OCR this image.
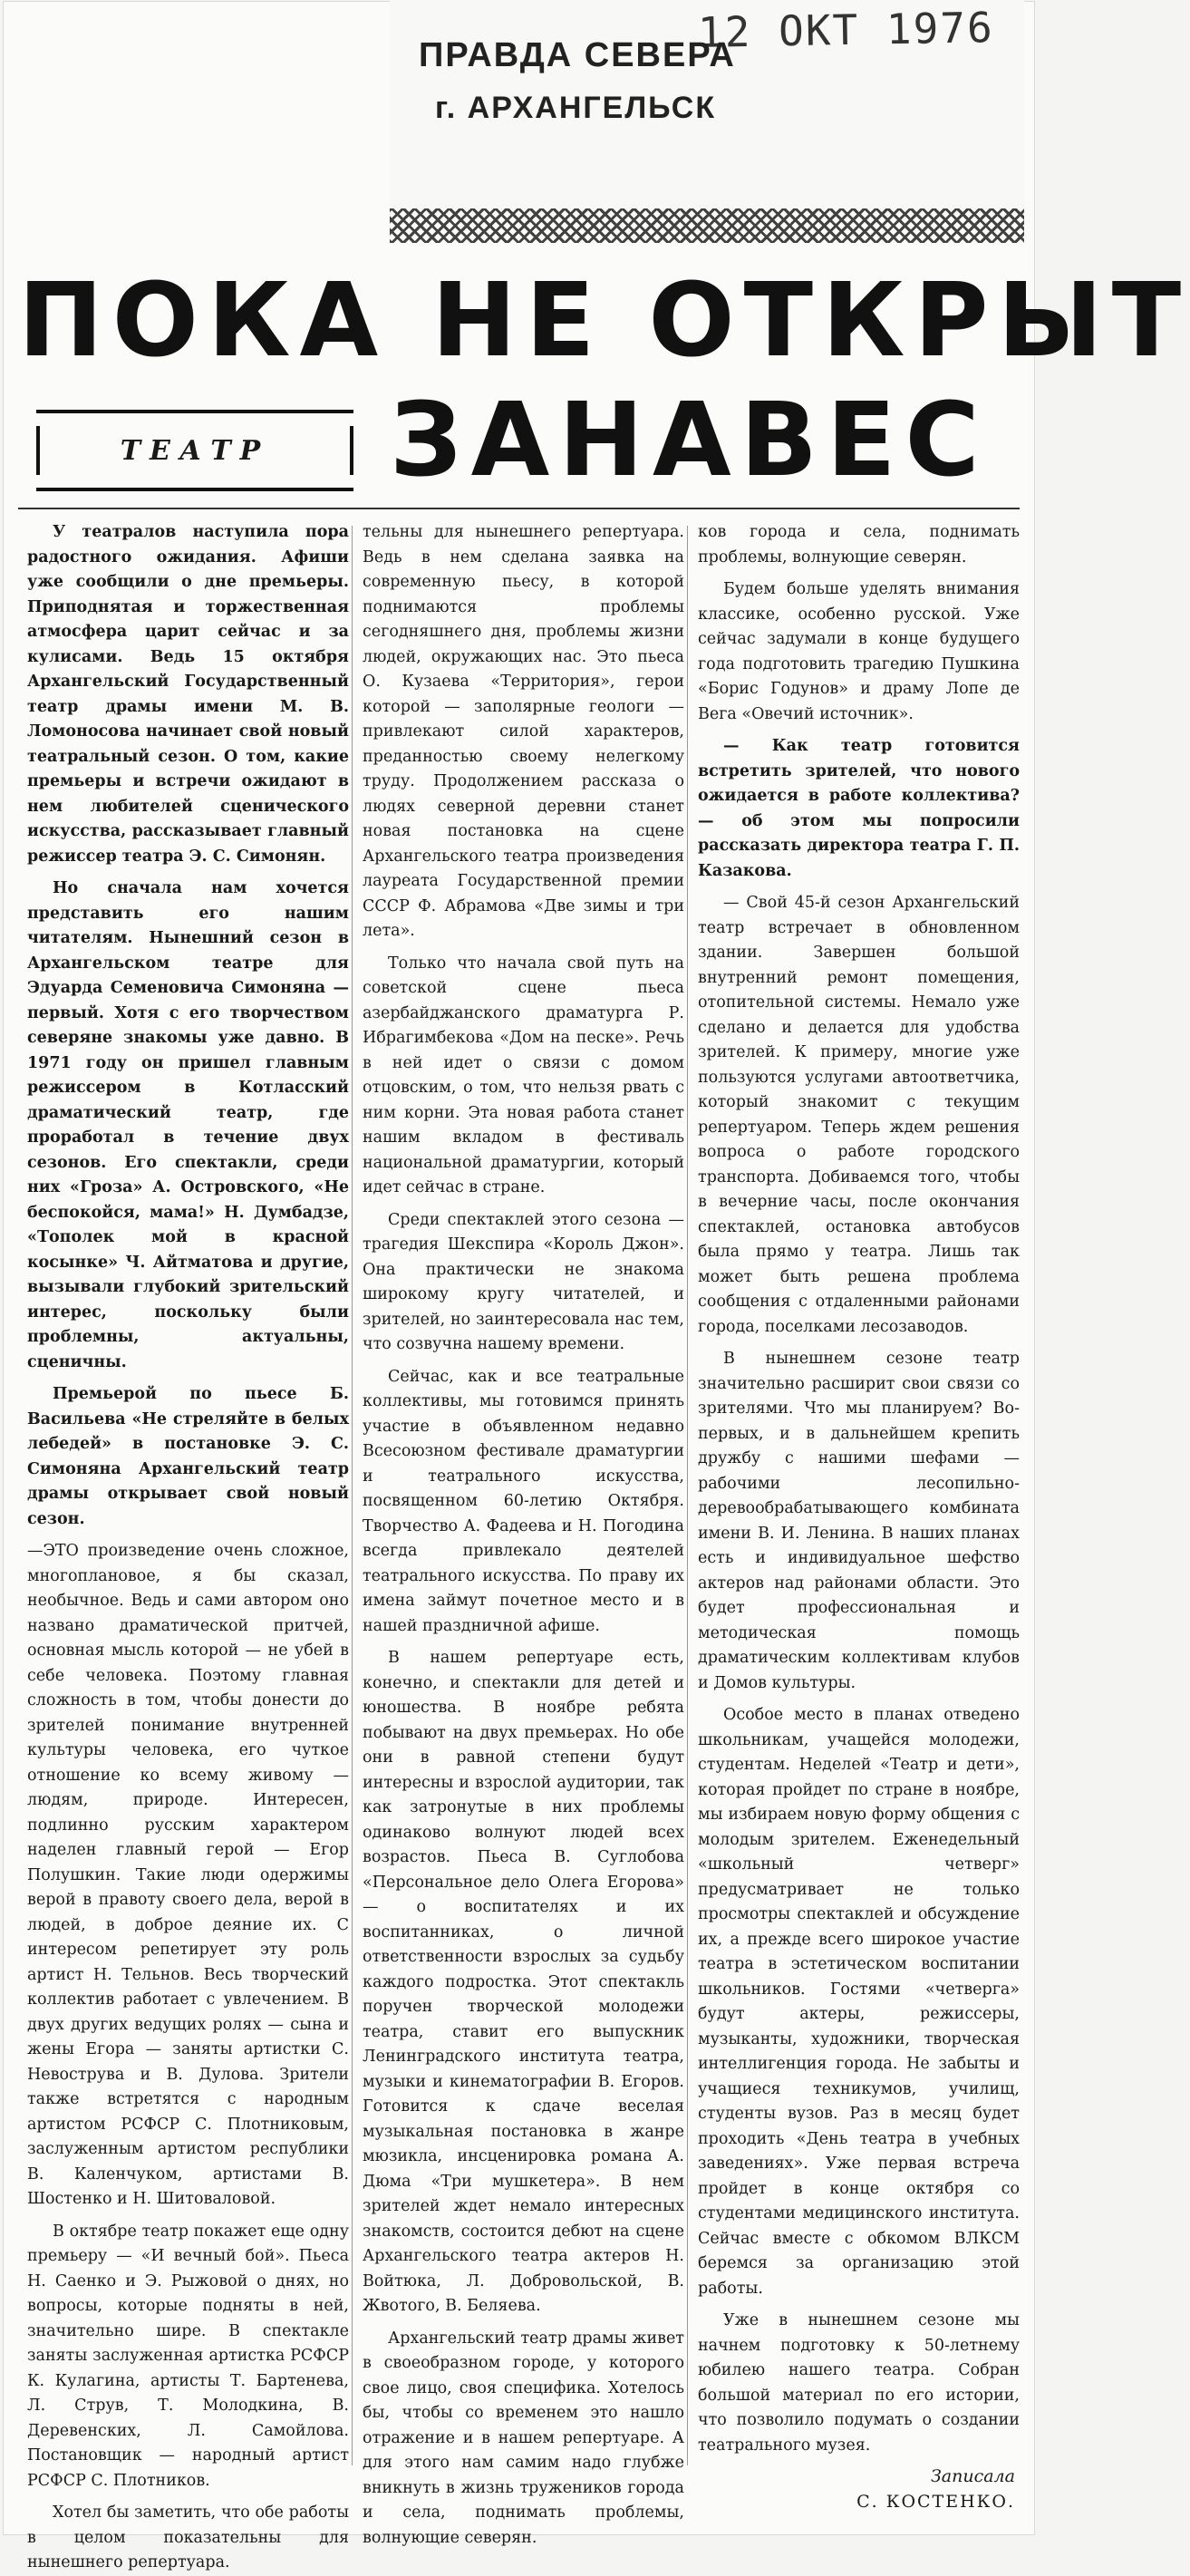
12 ОКТ 1976
ПРАВДА СЕВЕРА
г. АРХАНГЕЛЬСК
ПОКА НЕ ОТКРЫТ
ТЕАТР ЗАНАВЕС

У театралов наступила пора радостного ожидания. Афиши уже сообщили о дне премьеры. Приподнятая и торжественная атмосфера царит сейчас и за кулисами. Ведь 15 октября Архангельский Государственный театр драмы имени М. В. Ломоносова начинает свой новый театральный сезон. О том, какие премьеры и встречи ожидают в нем любителей сценического искусства, рассказывает главный режиссер театра Э. С. Симонян.

Но сначала нам хочется представить его нашим читателям. Нынешний сезон в Архангельском театре для Эдуарда Семеновича Симоняна — первый. Хотя с его творчеством северяне знакомы уже давно. В 1971 году он пришел главным режиссером в Котласский драматический театр, где проработал в течение двух сезонов. Его спектакли, среди них «Гроза» А. Островского, «Не беспокойся, мама!» Н. Думбадзе, «Тополек мой в красной косынке» Ч. Айтматова и другие, вызывали глубокий зрительский интерес, поскольку были проблемны, актуальны, сценичны.

Премьерой по пьесе Б. Васильева «Не стреляйте в белых лебедей» в постановке Э. С. Симоняна Архангельский театр драмы открывает свой новый сезон.

—ЭТО произведение очень сложное, многоплановое, я бы сказал, необычное. Ведь и сами автором оно названо драматической притчей, основная мысль которой — не убей в себе человека. Поэтому главная сложность в том, чтобы донести до зрителей понимание внутренней культуры человека, его чуткое отношение ко всему живому — людям, природе. Интересен, подлинно русским характером наделен главный герой — Егор Полушкин. Такие люди одержимы верой в правоту своего дела, верой в людей, в доброе деяние их. С интересом репетирует эту роль артист Н. Тельнов. Весь творческий коллектив работает с увлечением. В двух других ведущих ролях — сына и жены Егора — заняты артистки С. Невострува и В. Дулова. Зрители также встретятся с народным артистом РСФСР С. Плотниковым, заслуженным артистом республики В. Каленчуком, артистами В. Шостенко и Н. Шитоваловой.

В октябре театр покажет еще одну премьеру — «И вечный бой». Пьеса Н. Саенко и Э. Рыжовой о днях, но вопросы, которые подняты в ней, значительно шире. В спектакле заняты заслуженная артистка РСФСР К. Кулагина, артисты Т. Бартенева, Л. Струв, Т. Молодкина, В. Деревенских, Л. Самойлова. Постановщик — народный артист РСФСР С. Плотников.

Хотел бы заметить, что обе работы в целом показательны для нынешнего репертуара.

тельны для нынешнего репертуара. Ведь в нем сделана заявка на современную пьесу, в которой поднимаются проблемы сегодняшнего дня, проблемы жизни людей, окружающих нас. Это пьеса О. Кузаева «Территория», герои которой — заполярные геологи — привлекают силой характеров, преданностью своему нелегкому труду. Продолжением рассказа о людях северной деревни станет новая постановка на сцене Архангельского театра произведения лауреата Государственной премии СССР Ф. Абрамова «Две зимы и три лета».

Только что начала свой путь на советской сцене пьеса азербайджанского драматурга Р. Ибрагимбекова «Дом на песке». Речь в ней идет о связи с домом отцовским, о том, что нельзя рвать с ним корни. Эта новая работа станет нашим вкладом в фестиваль национальной драматургии, который идет сейчас в стране.

Среди спектаклей этого сезона — трагедия Шекспира «Король Джон». Она практически не знакома широкому кругу читателей, и зрителей, но заинтересовала нас тем, что созвучна нашему времени.

Сейчас, как и все театральные коллективы, мы готовимся принять участие в объявленном недавно Всесоюзном фестивале драматургии и театрального искусства, посвященном 60-летию Октября. Творчество А. Фадеева и Н. Погодина всегда привлекало деятелей театрального искусства. По праву их имена займут почетное место и в нашей праздничной афише.

В нашем репертуаре есть, конечно, и спектакли для детей и юношества. В ноябре ребята побывают на двух премьерах. Но обе они в равной степени будут интересны и взрослой аудитории, так как затронутые в них проблемы одинаково волнуют людей всех возрастов. Пьеса В. Суглобова «Персональное дело Олега Егорова» — о воспитателях и их воспитанниках, о личной ответственности взрослых за судьбу каждого подростка. Этот спектакль поручен творческой молодежи театра, ставит его выпускник Ленинградского института театра, музыки и кинематографии В. Егоров. Готовится к сдаче веселая музыкальная постановка в жанре мюзикла, инсценировка романа А. Дюма «Три мушкетера». В нем зрителей ждет немало интересных знакомств, состоится дебют на сцене Архангельского театра актеров Н. Войтюка, Л. Добровольской, В. Жвотого, В. Беляева.

Архангельский театр драмы живет в своеобразном городе, у которого свое лицо, своя специфика. Хотелось бы, чтобы со временем это нашло отражение и в нашем репертуаре. А для этого нам самим надо глубже вникнуть в жизнь тружеников города и села, поднимать проблемы, волнующие северян.

ков города и села, поднимать проблемы, волнующие северян.

Будем больше уделять внимания классике, особенно русской. Уже сейчас задумали в конце будущего года подготовить трагедию Пушкина «Борис Годунов» и драму Лопе де Вега «Овечий источник».

— Как театр готовится встретить зрителей, что нового ожидается в работе коллектива? — об этом мы попросили рассказать директора театра Г. П. Казакова.

— Свой 45-й сезон Архангельский театр встречает в обновленном здании. Завершен большой внутренний ремонт помещения, отопительной системы. Немало уже сделано и делается для удобства зрителей. К примеру, многие уже пользуются услугами автоответчика, который знакомит с текущим репертуаром. Теперь ждем решения вопроса о работе городского транспорта. Добиваемся того, чтобы в вечерние часы, после окончания спектаклей, остановка автобусов была прямо у театра. Лишь так может быть решена проблема сообщения с отдаленными районами города, поселками лесозаводов.

В нынешнем сезоне театр значительно расширит свои связи со зрителями. Что мы планируем? Во-первых, и в дальнейшем крепить дружбу с нашими шефами — рабочими лесопильно-деревообрабатывающего комбината имени В. И. Ленина. В наших планах есть и индивидуальное шефство актеров над районами области. Это будет профессиональная и методическая помощь драматическим коллективам клубов и Домов культуры.

Особое место в планах отведено школьникам, учащейся молодежи, студентам. Неделей «Театр и дети», которая пройдет по стране в ноябре, мы избираем новую форму общения с молодым зрителем. Еженедельный «школьный четверг» предусматривает не только просмотры спектаклей и обсуждение их, а прежде всего широкое участие театра в эстетическом воспитании школьников. Гостями «четверга» будут актеры, режиссеры, музыканты, художники, творческая интеллигенция города. Не забыты и учащиеся техникумов, училищ, студенты вузов. Раз в месяц будет проходить «День театра в учебных заведениях». Уже первая встреча пройдет в конце октября со студентами медицинского института. Сейчас вместе с обкомом ВЛКСМ беремся за организацию этой работы.

Уже в нынешнем сезоне мы начнем подготовку к 50-летнему юбилею нашего театра. Собран большой материал по его истории, что позволило подумать о создании театрального музея.

Записала
С. КОСТЕНКО.
